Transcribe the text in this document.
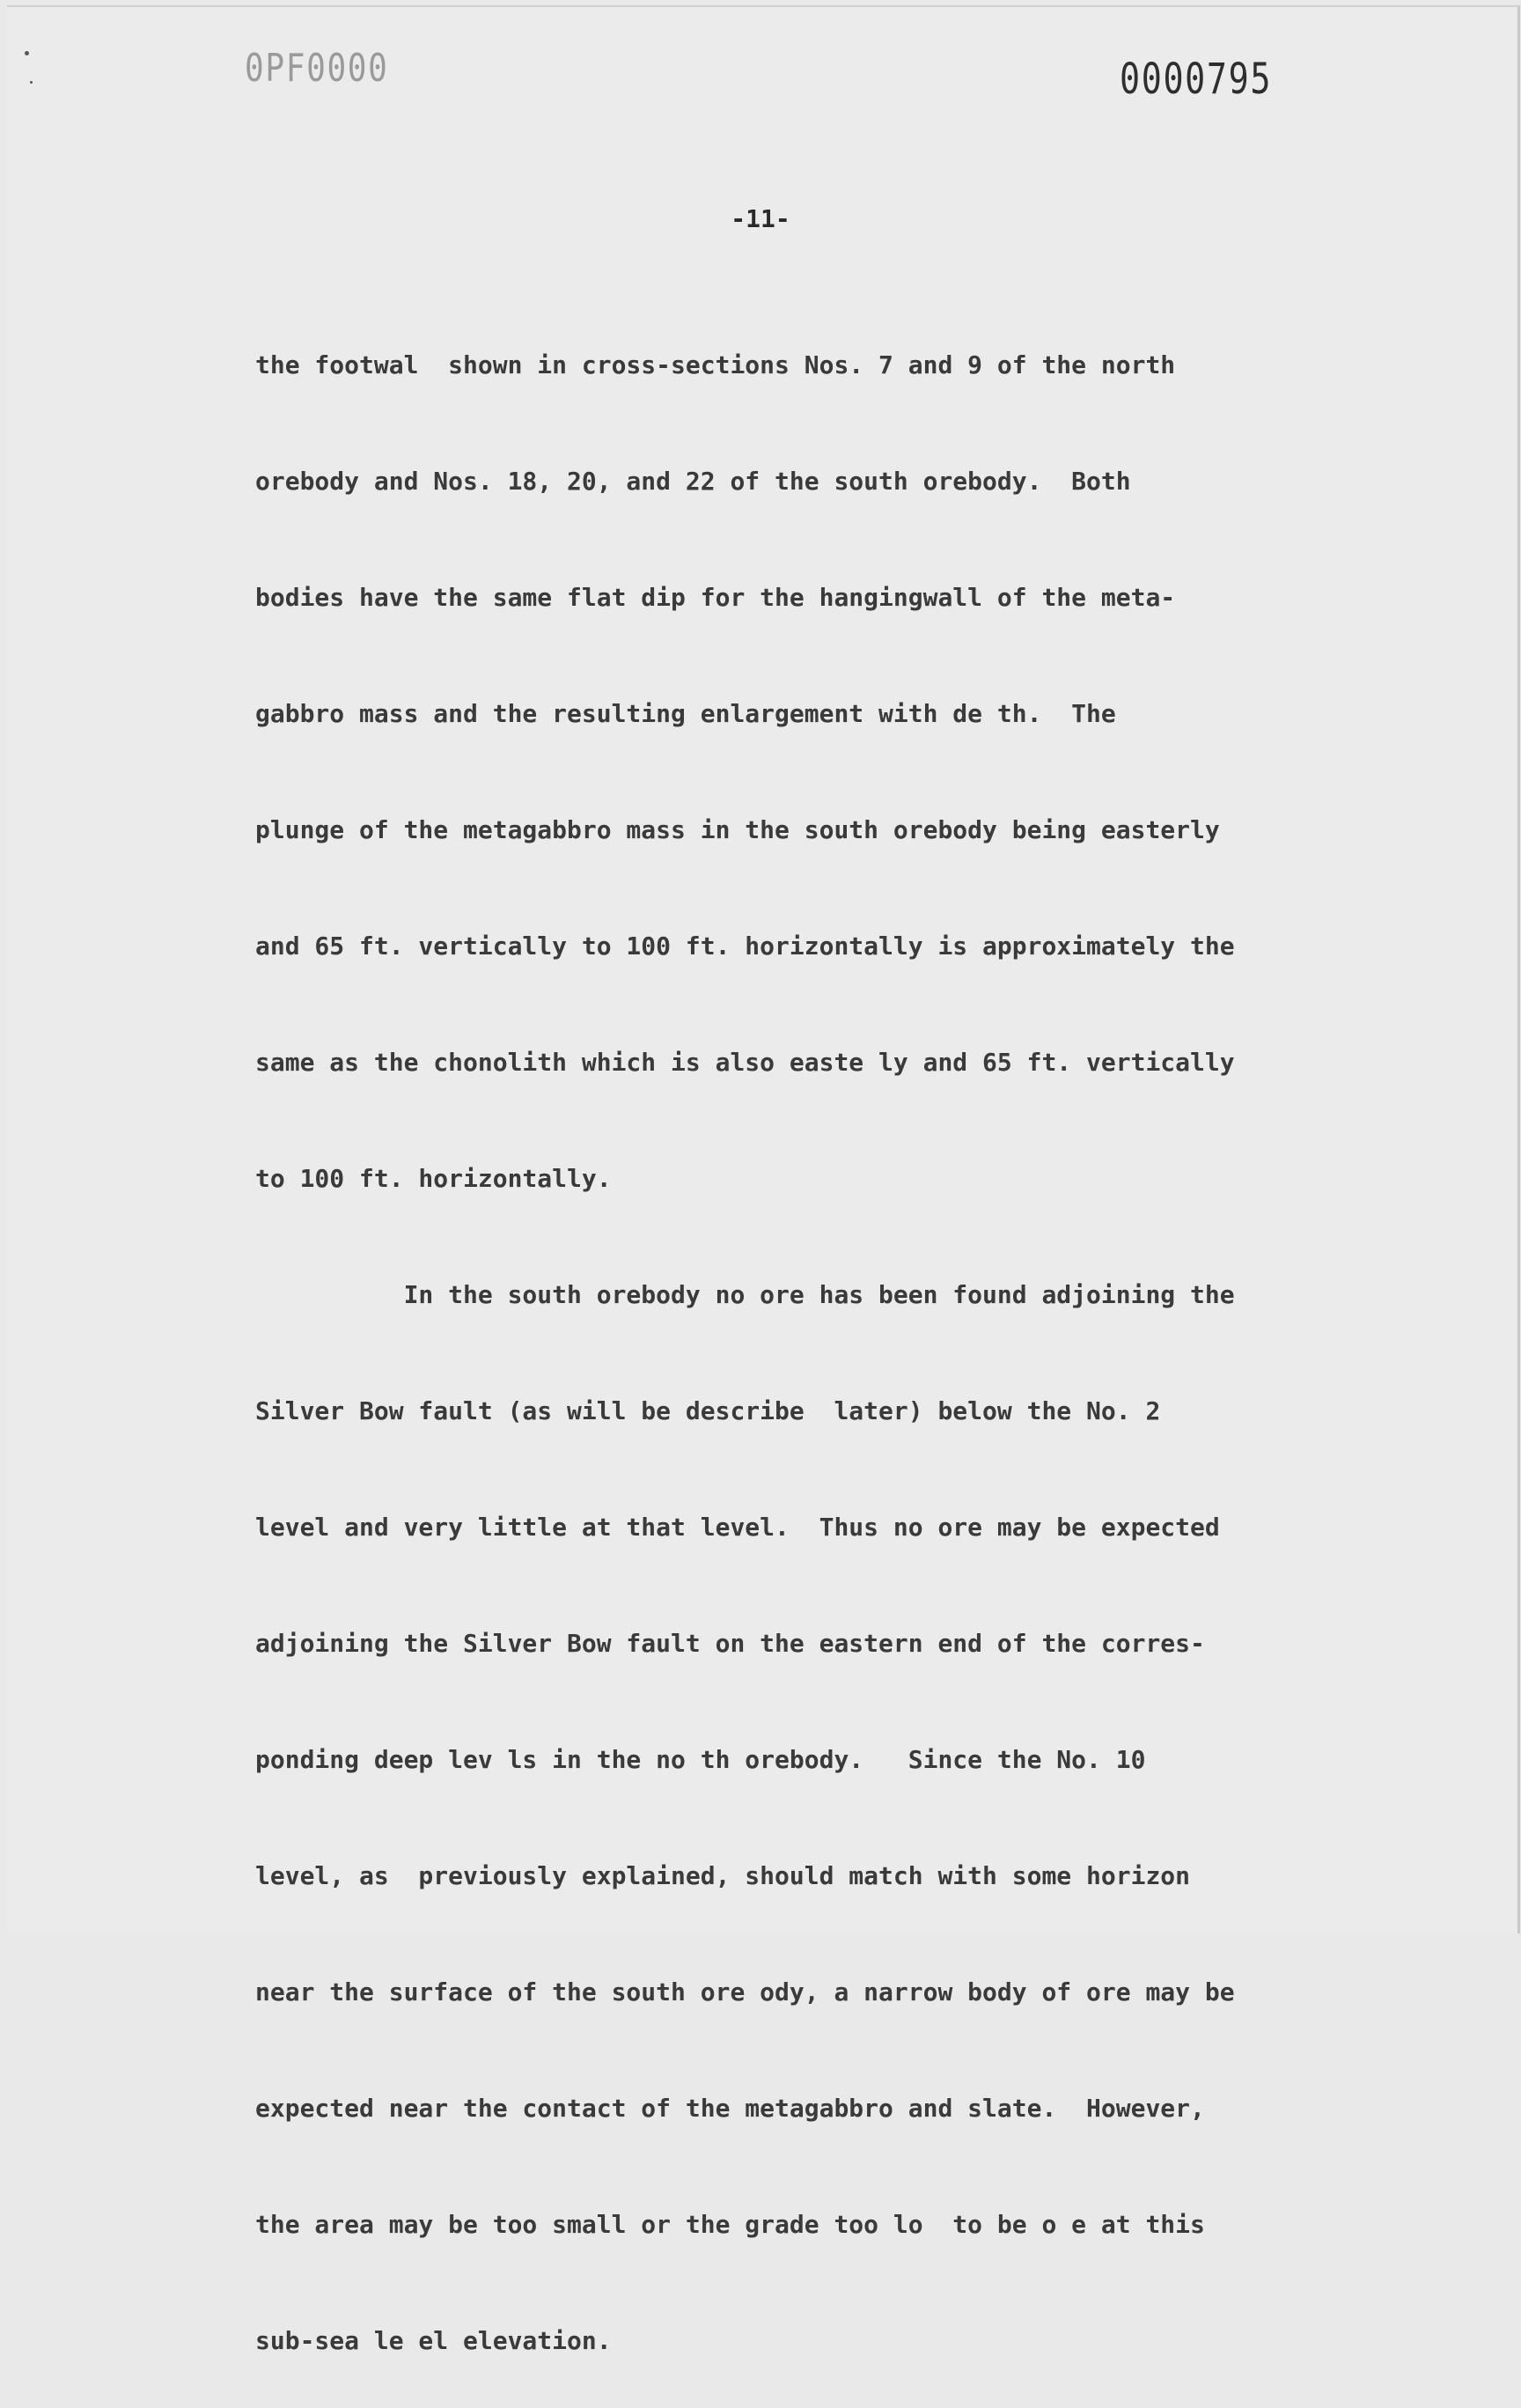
0PF0000	0000795
-11-

the footwal  shown in cross-sections Nos. 7 and 9 of the north

orebody and Nos. 18, 20, and 22 of the south orebody.  Both

bodies have the same flat dip for the hangingwall of the meta-

gabbro mass and the resulting enlargement with de th.  The

plunge of the metagabbro mass in the south orebody being easterly

and 65 ft. vertically to 100 ft. horizontally is approximately the

same as the chonolith which is also easte ly and 65 ft. vertically

to 100 ft. horizontally.

In the south orebody no ore has been found adjoining the

Silver Bow fault (as will be describe  later) below the No. 2

level and very little at that level.  Thus no ore may be expected

adjoining the Silver Bow fault on the eastern end of the corres-

ponding deep lev ls in the no th orebody.   Since the No. 10

level, as  previously explained, should match with some horizon

near the surface of the south ore ody, a narrow body of ore may be

expected near the contact of the metagabbro and slate.  However,

the area may be too small or the grade too lo  to be o e at this

sub-sea le el elevation.
